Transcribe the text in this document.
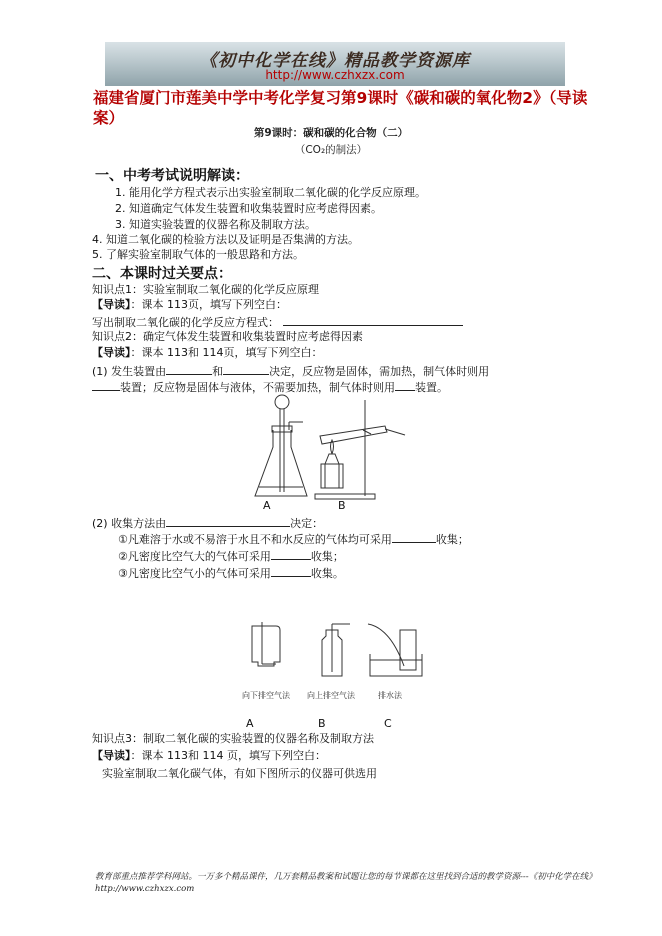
《初中化学在线》精品教学资源库
http://www.czhxzx.com
福建省厦门市莲美中学中考化学复习第9课时《碳和碳的氧化物2》（导读案）
第9课时：碳和碳的化合物（二）
（CO₂的制法）
一、中考考试说明解读：
1. 能用化学方程式表示出实验室制取二氧化碳的化学反应原理。
2. 知道确定气体发生装置和收集装置时应考虑得因素。
3. 知道实验装置的仪器名称及制取方法。
4. 知道二氧化碳的检验方法以及证明是否集满的方法。
5. 了解实验室制取气体的一般思路和方法。
二、本课时过关要点：
知识点1：实验室制取二氧化碳的化学反应原理
【导读】：课本 113页，填写下列空白：
写出制取二氧化碳的化学反应方程式：
知识点2：确定气体发生装置和收集装置时应考虑得因素
【导读】：课本 113和 114页，填写下列空白：
(1) 发生装置由	和	决定，反应物是固体，需加热，制气体时则用
装置；反应物是固体与液体，不需要加热，制气体时则用 装置。
A	B
(2) 收集方法由	决定：
①凡难溶于水或不易溶于水且不和水反应的气体均可采用	收集；
②凡密度比空气大的气体可采用	收集；
③凡密度比空气小的气体可采用	收集。
向下排空气法 向上排空气法	排水法
A	B	C
知识点3：制取二氧化碳的实验装置的仪器名称及制取方法
【导读】：课本 113和 114 页，填写下列空白：
实验室制取二氧化碳气体，有如下图所示的仪器可供选用
教育部重点推荐学科网站。一万多个精品课件，几万套精品教案和试题让您的每节课都在这里找到合适的教学资源---《初中化学在线》http://www.czhxzx.com
